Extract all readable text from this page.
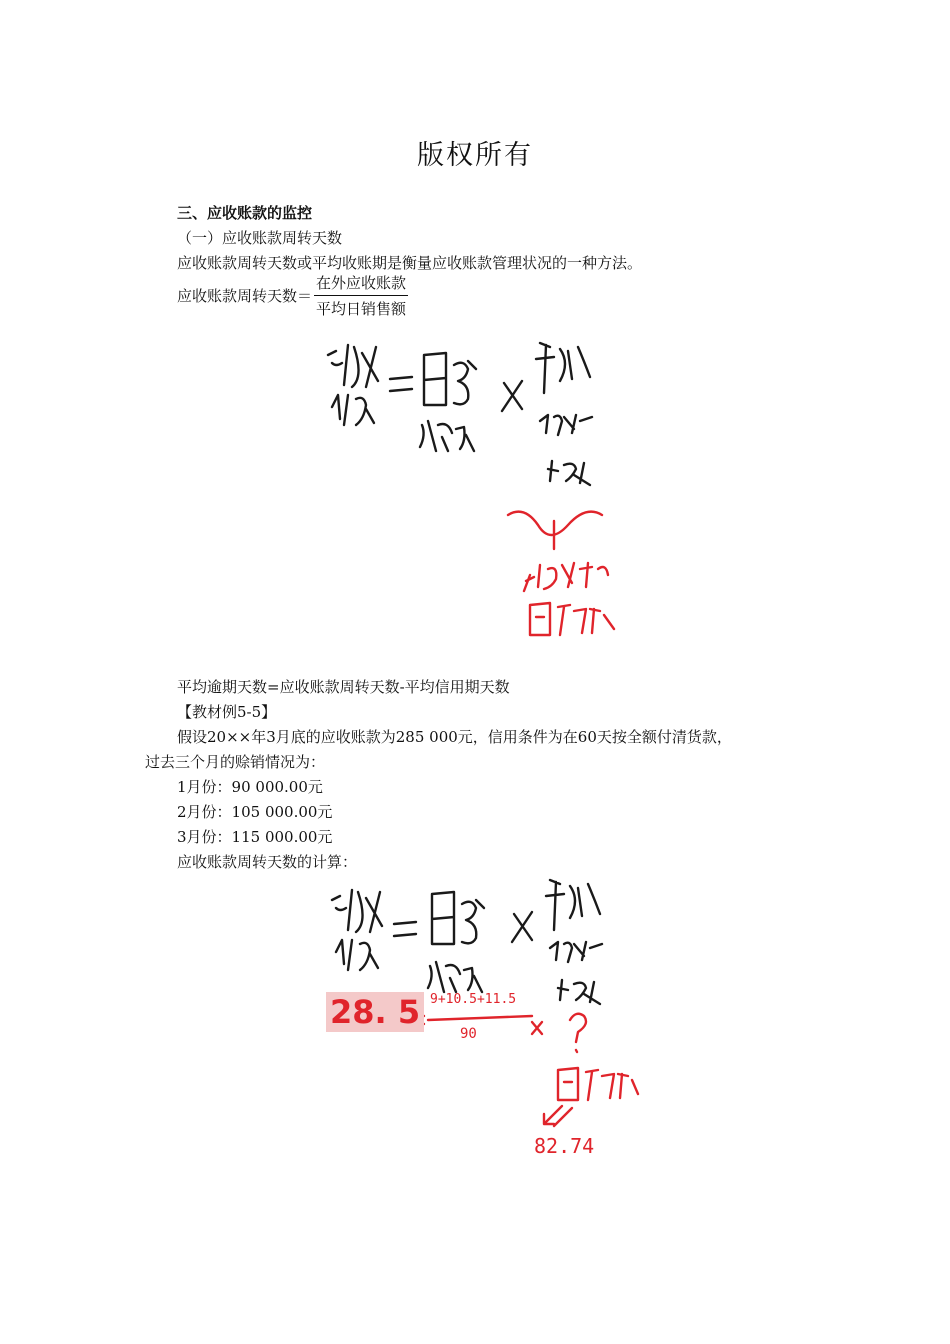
版权所有
三、应收账款的监控
（一）应收账款周转天数
应收账款周转天数或平均收账期是衡量应收账款管理状况的一种方法。
应收账款周转天数＝ $\frac{\text{在外应收账款}}{\text{平均日销售额}}$
平均逾期天数=应收账款周转天数-平均信用期天数
【教材例5-5】
假设20××年3月底的应收账款为285 000元，信用条件为在60天按全额付清货款，
过去三个月的赊销情况为：
1月份：90 000.00元
2月份：105 000.00元
3月份：115 000.00元
应收账款周转天数的计算：
28. 5 9+10.5+11.5
90
82.74
